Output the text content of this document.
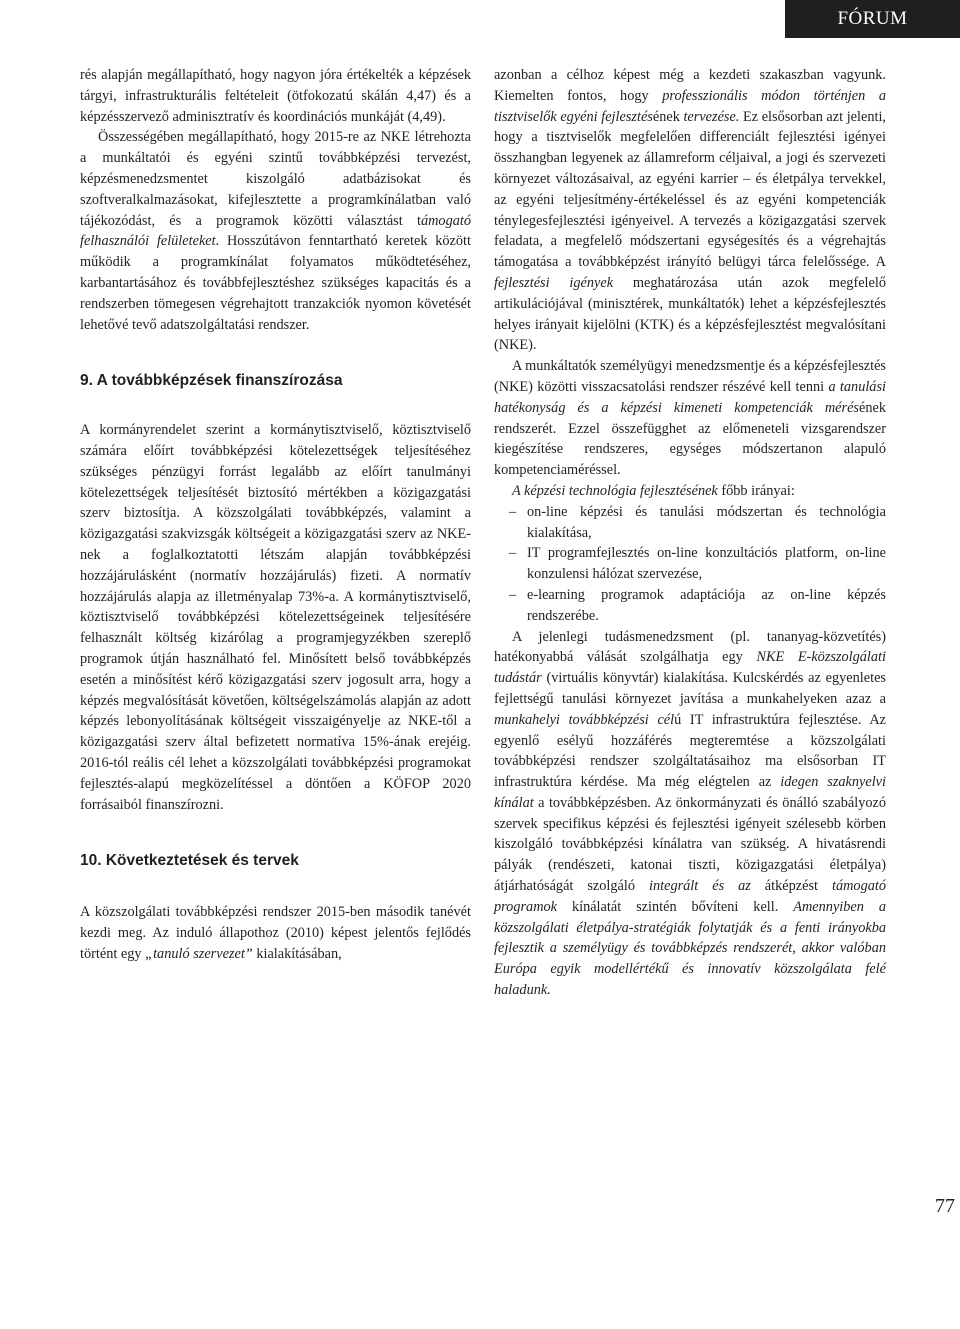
FÓRUM

rés alapján megállapítható, hogy nagyon jóra értékelték a képzések tárgyi, infrastrukturális feltételeit (ötfokozatú skálán 4,47) és a képzésszervező adminisztratív és koordinációs munkáját (4,49).

Összességében megállapítható, hogy 2015-re az NKE létrehozta a munkáltatói és egyéni szintű továbbképzési tervezést, képzésmenedzsmentet kiszolgáló adatbázisokat és szoftveralkalmazásokat, kifejlesztette a programkínálatban való tájékozódást, és a programok közötti választást támogató felhasználói felületeket. Hosszútávon fenntartható keretek között működik a programkínálat folyamatos működtetéséhez, karbantartásához és továbbfejlesztéshez szükséges kapacitás és a rendszerben tömegesen végrehajtott tranzakciók nyomon követését lehetővé tevő adatszolgáltatási rendszer.

9. A továbbképzések finanszírozása

A kormányrendelet szerint a kormánytisztviselő, köztisztviselő számára előírt továbbképzési kötelezettségek teljesítéséhez szükséges pénzügyi forrást legalább az előírt tanulmányi kötelezettségek teljesítését biztosító mértékben a közigazgatási szerv biztosítja. A közszolgálati továbbképzés, valamint a közigazgatási szakvizsgák költségeit a közigazgatási szerv az NKE-nek a foglalkoztatotti létszám alapján továbbképzési hozzájárulásként (normatív hozzájárulás) fizeti. A normatív hozzájárulás alapja az illetményalap 73%-a. A kormánytisztviselő, köztisztviselő továbbképzési kötelezettségeinek teljesítésére felhasznált költség kizárólag a programjegyzékben szereplő programok útján használható fel. Minősített belső továbbképzés esetén a minősítést kérő közigazgatási szerv jogosult arra, hogy a képzés megvalósítását követően, költségelszámolás alapján az adott képzés lebonyolításának költségeit visszaigényelje az NKE-től a közigazgatási szerv által befizetett normatíva 15%-ának erejéig. 2016-tól reális cél lehet a közszolgálati továbbképzési programokat fejlesztés-alapú megközelítéssel a döntően a KÖFOP 2020 forrásaiból finanszírozni.

10. Következtetések és tervek

A közszolgálati továbbképzési rendszer 2015-ben második tanévét kezdi meg. Az induló állapothoz (2010) képest jelentős fejlődés történt egy „tanuló szervezet” kialakításában,

azonban a célhoz képest még a kezdeti szakaszban vagyunk. Kiemelten fontos, hogy professzionális módon történjen a tisztviselők egyéni fejlesztésének tervezése. Ez elsősorban azt jelenti, hogy a tisztviselők megfelelően differenciált fejlesztési igényei összhangban legyenek az államreform céljaival, a jogi és szervezeti környezet változásaival, az egyéni karrier – és életpálya tervekkel, az egyéni teljesítmény-értékeléssel és az egyéni kompetenciák ténylegesfejlesztési igényeivel. A tervezés a közigazgatási szervek feladata, a megfelelő módszertani egységesítés és a végrehajtás támogatása a továbbképzést irányító belügyi tárca felelőssége. A fejlesztési igények meghatározása után azok megfelelő artikulációjával (minisztérek, munkáltatók) lehet a képzésfejlesztés helyes irányait kijelölni (KTK) és a képzésfejlesztést megvalósítani (NKE).

A munkáltatók személyügyi menedzsmentje és a képzésfejlesztés (NKE) közötti visszacsatolási rendszer részévé kell tenni a tanulási hatékonyság és a képzési kimeneti kompetenciák mérésének rendszerét. Ezzel összefügghet az előmeneteli vizsgarendszer kiegészítése rendszeres, egységes módszertanon alapuló kompetenciaméréssel.

A képzési technológia fejlesztésének főbb irányai:

– on-line képzési és tanulási módszertan és technológia kialakítása,
– IT programfejlesztés on-line konzultációs platform, on-line konzulensi hálózat szervezése,
– e-learning programok adaptációja az on-line képzés rendszerébe.

A jelenlegi tudásmenedzsment (pl. tananyag-közvetítés) hatékonyabbá válását szolgálhatja egy NKE E-közszolgálati tudástár (virtuális könyvtár) kialakítása. Kulcskérdés az egyenletes fejlettségű tanulási környezet javítása a munkahelyeken azaz a munkahelyi továbbképzési célú IT infrastruktúra fejlesztése. Az egyenlő esélyű hozzáférés megteremtése a közszolgálati továbbképzési rendszer szolgáltatásaihoz ma elsősorban IT infrastruktúra kérdése. Ma még elégtelen az idegen szaknyelvi kínálat a továbbképzésben. Az önkormányzati és önálló szabályozó szervek specifikus képzési és fejlesztési igényeit szélesebb körben kiszolgáló továbbképzési kínálatra van szükség. A hivatásrendi pályák (rendészeti, katonai tiszti, közigazgatási életpálya) átjárhatóságát szolgáló integrált és az átképzést támogató programok kínálatát szintén bővíteni kell. Amennyiben a közszolgálati életpálya-stratégiák folytatják és a fenti irányokba fejlesztik a személyügy és továbbképzés rendszerét, akkor valóban Európa egyik modellértékű és innovatív közszolgálata felé haladunk.

77
